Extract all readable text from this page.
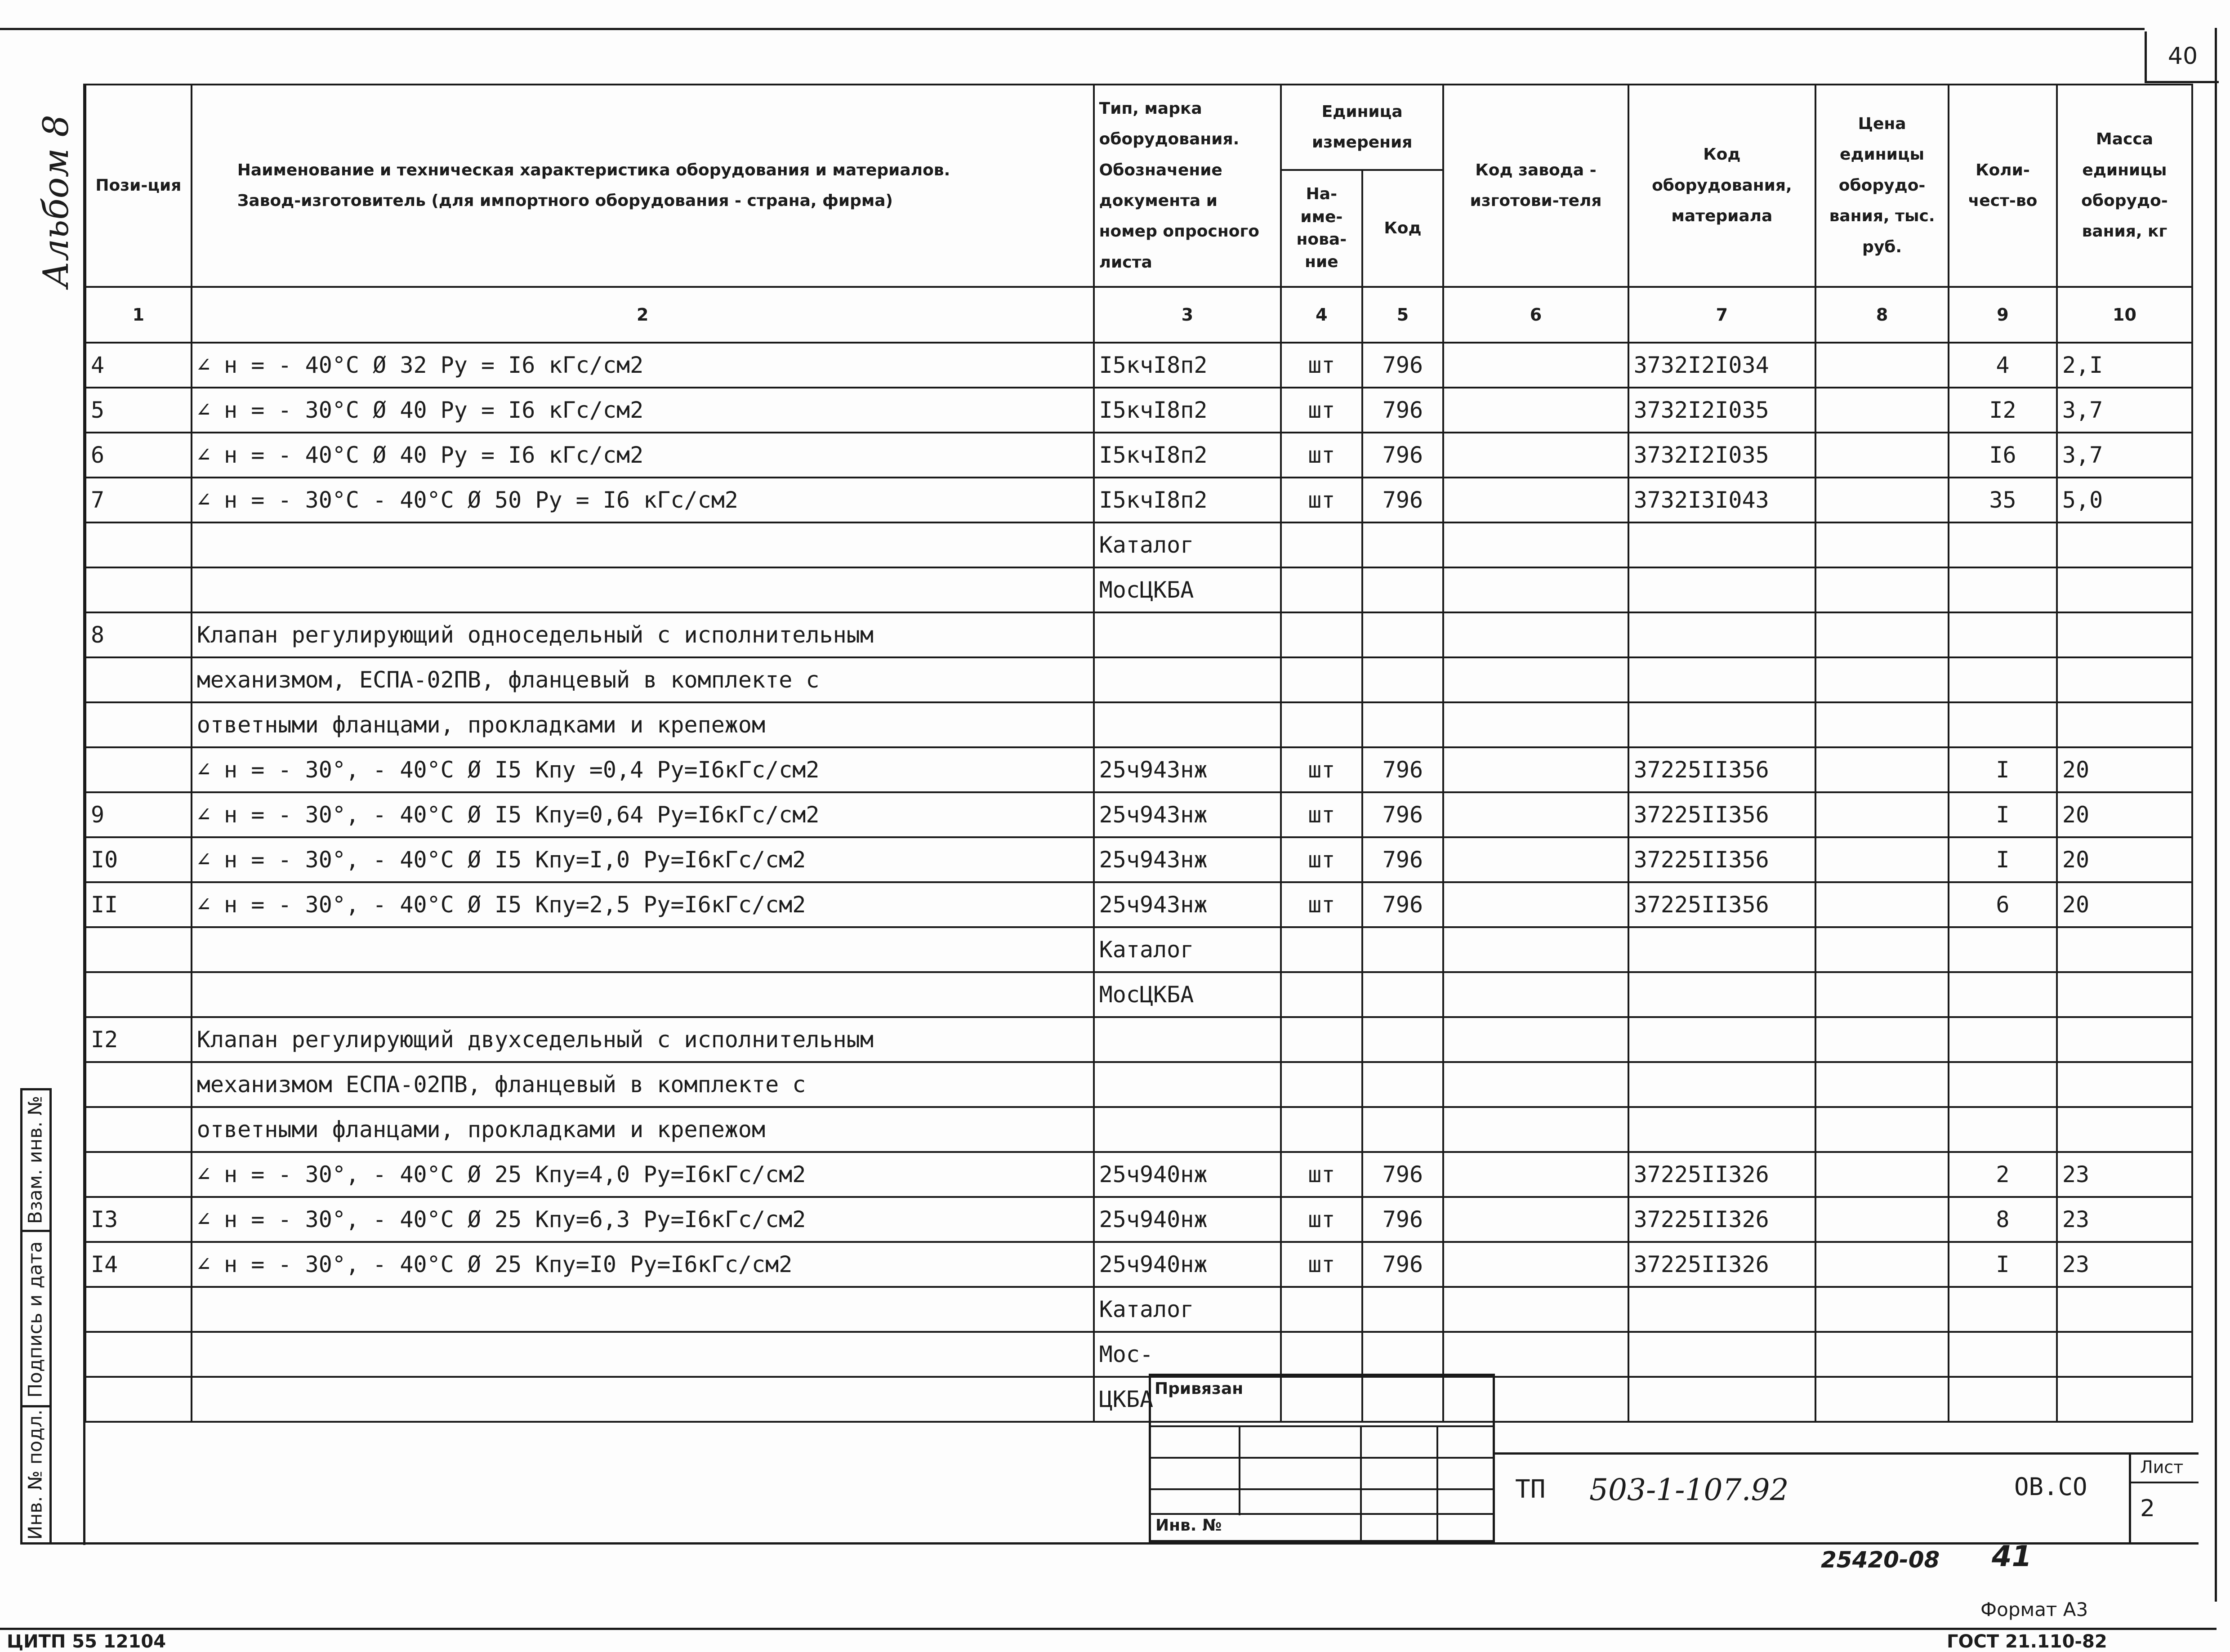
40
Альбом 8 Пози-ция	Наименование и техническая характеристика оборудования и материалов.
Завод-изготовитель (для импортного оборудования - страна, фирма)	Тип, марка оборудования. Обозначение документа и номер опросного листа	Единица измерения		Код завода - изготови-теля	Код оборудования, материала	Цена единицы оборудо-вания, тыс. руб.	Коли-чест-во	Масса единицы оборудо-вания, кг
			На-име-нова-ние	Код					
1	2	3	4	5	6	7	8	9	10
4	∠ н = - 40°С Ø 32 Ру = I6 кГс/см2	I5кчI8п2	шт	796		3732I2I034		4	2,I
5	∠ н = - 30°С Ø 40 Ру = I6 кГс/см2	I5кчI8п2	шт	796		3732I2I035		I2	3,7
6	∠ н = - 40°С Ø 40 Ру = I6 кГс/см2	I5кчI8п2	шт	796		3732I2I035		I6	3,7
7	∠ н = - 30°С - 40°С Ø 50 Ру = I6 кГс/см2	I5кчI8п2	шт	796		3732I3I043		35	5,0
		Каталог							
		МосЦКБА							
8	Клапан регулирующий односедельный с исполнительным								
	механизмом, ЕСПА-02ПВ, фланцевый в комплекте с								
	ответными фланцами, прокладками и крепежом								
	∠ н = - 30°, - 40°С Ø I5 Кпу =0,4 Ру=I6кГс/см2	25ч943нж	шт	796		37225II356		I	20
9	∠ н = - 30°, - 40°С Ø I5 Кпу=0,64 Ру=I6кГс/см2	25ч943нж	шт	796		37225II356		I	20
I0	∠ н = - 30°, - 40°С Ø I5 Кпу=I,0 Ру=I6кГс/см2	25ч943нж	шт	796		37225II356		I	20
II	∠ н = - 30°, - 40°С Ø I5 Кпу=2,5 Ру=I6кГс/см2	25ч943нж	шт	796		37225II356		6	20
		Каталог							
		МосЦКБА							
I2	Клапан регулирующий двухседельный с исполнительным								
	механизмом ЕСПА-02ПВ, фланцевый в комплекте с								
	ответными фланцами, прокладками и крепежом								
	∠ н = - 30°, - 40°С Ø 25 Кпу=4,0 Ру=I6кГс/см2	25ч940нж	шт	796		37225II326		2	23
I3	∠ н = - 30°, - 40°С Ø 25 Кпу=6,3 Ру=I6кГс/см2	25ч940нж	шт	796		37225II326		8	23
I4	∠ н = - 30°, - 40°С Ø 25 Кпу=I0 Ру=I6кГс/см2	25ч940нж	шт	796		37225II326		I	23
		Каталог							
		Мос-							
		ЦКБА							
Взам. инв. №
Подпись и дата
Инв. № подл.
Привязан
Инв. №
ТП 503-1-107.92	ОВ.СО
Лист
2
25420-08 41
Формат А3
ЦИТП 55 12104	ГОСТ 21.110-82
